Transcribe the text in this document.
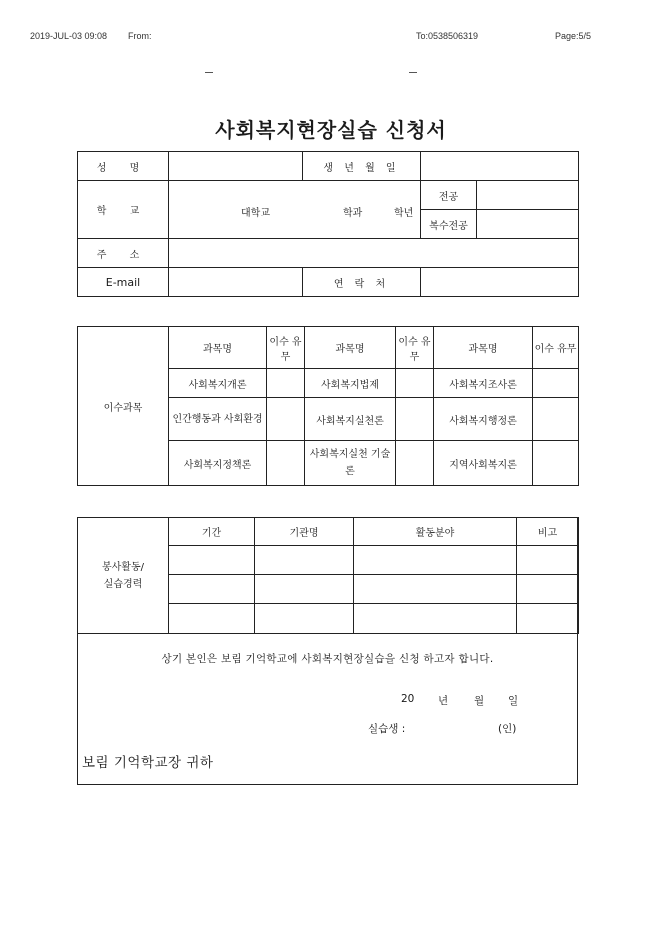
2019-JUL-03 09:08 From:	To:0538506319	Page:5/5
사회복지현장실습 신청서
성 명		생 년 월 일		
학 교	대학교 학과 학년		전공	
			복수전공	
주 소				
E-mail		연 락 처		
이수과목	과목명	이수 유무	과목명	이수 유무	과목명	이수 유무
	사회복지개론		사회복지법제		사회복지조사론	
	인간행동과 사회환경		사회복지실천론		사회복지행정론	
	사회복지정책론		사회복지실천 기술론		지역사회복지론	
봉사활동/ 실습경력	기간	기관명	활동분야	비고

상기 본인은 보림 기억학교에 사회복지현장실습을 신청 하고자 합니다.
20 년 월 일
실습생 :	(인)
보림 기억학교장 귀하
